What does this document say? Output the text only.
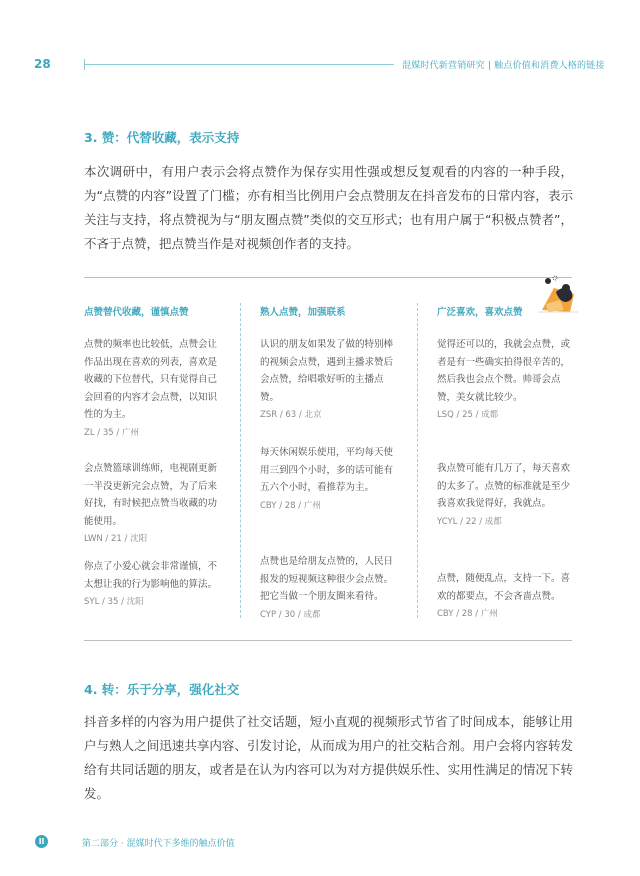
28	混媒时代新营销研究 | 触点价值和消费人格的链接
3. 赞：代替收藏，表示支持
本次调研中，有用户表示会将点赞作为保存实用性强或想反复观看的内容的一种手段，为“点赞的内容”设置了门槛；亦有相当比例用户会点赞朋友在抖音发布的日常内容，表示关注与支持，将点赞视为与“朋友圈点赞”类似的交互形式；也有用户属于“积极点赞者”，不吝于点赞，把点赞当作是对视频创作者的支持。
点赞替代收藏，谨慎点赞	熟人点赞，加强联系	广泛喜欢，喜欢点赞
点赞的频率也比较低，点赞会让作品出现在喜欢的列表，喜欢是收藏的下位替代，只有觉得自己会回看的内容才会点赞，以知识性的为主。
ZL / 35 / 广州
会点赞篮球训练师，电视剧更新一半没更新完会点赞，为了后来好找，有时候把点赞当收藏的功能使用。
LWN / 21 / 沈阳
你点了小爱心就会非常谨慎，不太想让我的行为影响他的算法。
SYL / 35 / 沈阳
认识的朋友如果发了做的特别棒的视频会点赞，遇到主播求赞后会点赞，给唱歌好听的主播点赞。
ZSR / 63 / 北京
每天休闲娱乐使用，平均每天使用三到四个小时，多的话可能有五六个小时，看推荐为主。
CBY / 28 / 广州
点赞也是给朋友点赞的，人民日报发的短视频这种很少会点赞。把它当做一个朋友圈来看待。
CYP / 30 / 成都
觉得还可以的，我就会点赞，或者是有一些确实拍得很辛苦的，然后我也会点个赞。帅哥会点赞，美女就比较少。
LSQ / 25 / 成都
我点赞可能有几万了，每天喜欢的太多了。点赞的标准就是至少我喜欢我觉得好，我就点。
YCYL / 22 / 成都
点赞，随便乱点，支持一下。喜欢的都要点，不会吝啬点赞。
CBY / 28 / 广州
4. 转：乐于分享，强化社交
抖音多样的内容为用户提供了社交话题，短小直观的视频形式节省了时间成本，能够让用户与熟人之间迅速共享内容、引发讨论，从而成为用户的社交粘合剂。用户会将内容转发给有共同话题的朋友，或者是在认为内容可以为对方提供娱乐性、实用性满足的情况下转发。
II	第二部分 · 混媒时代下多维的触点价值
